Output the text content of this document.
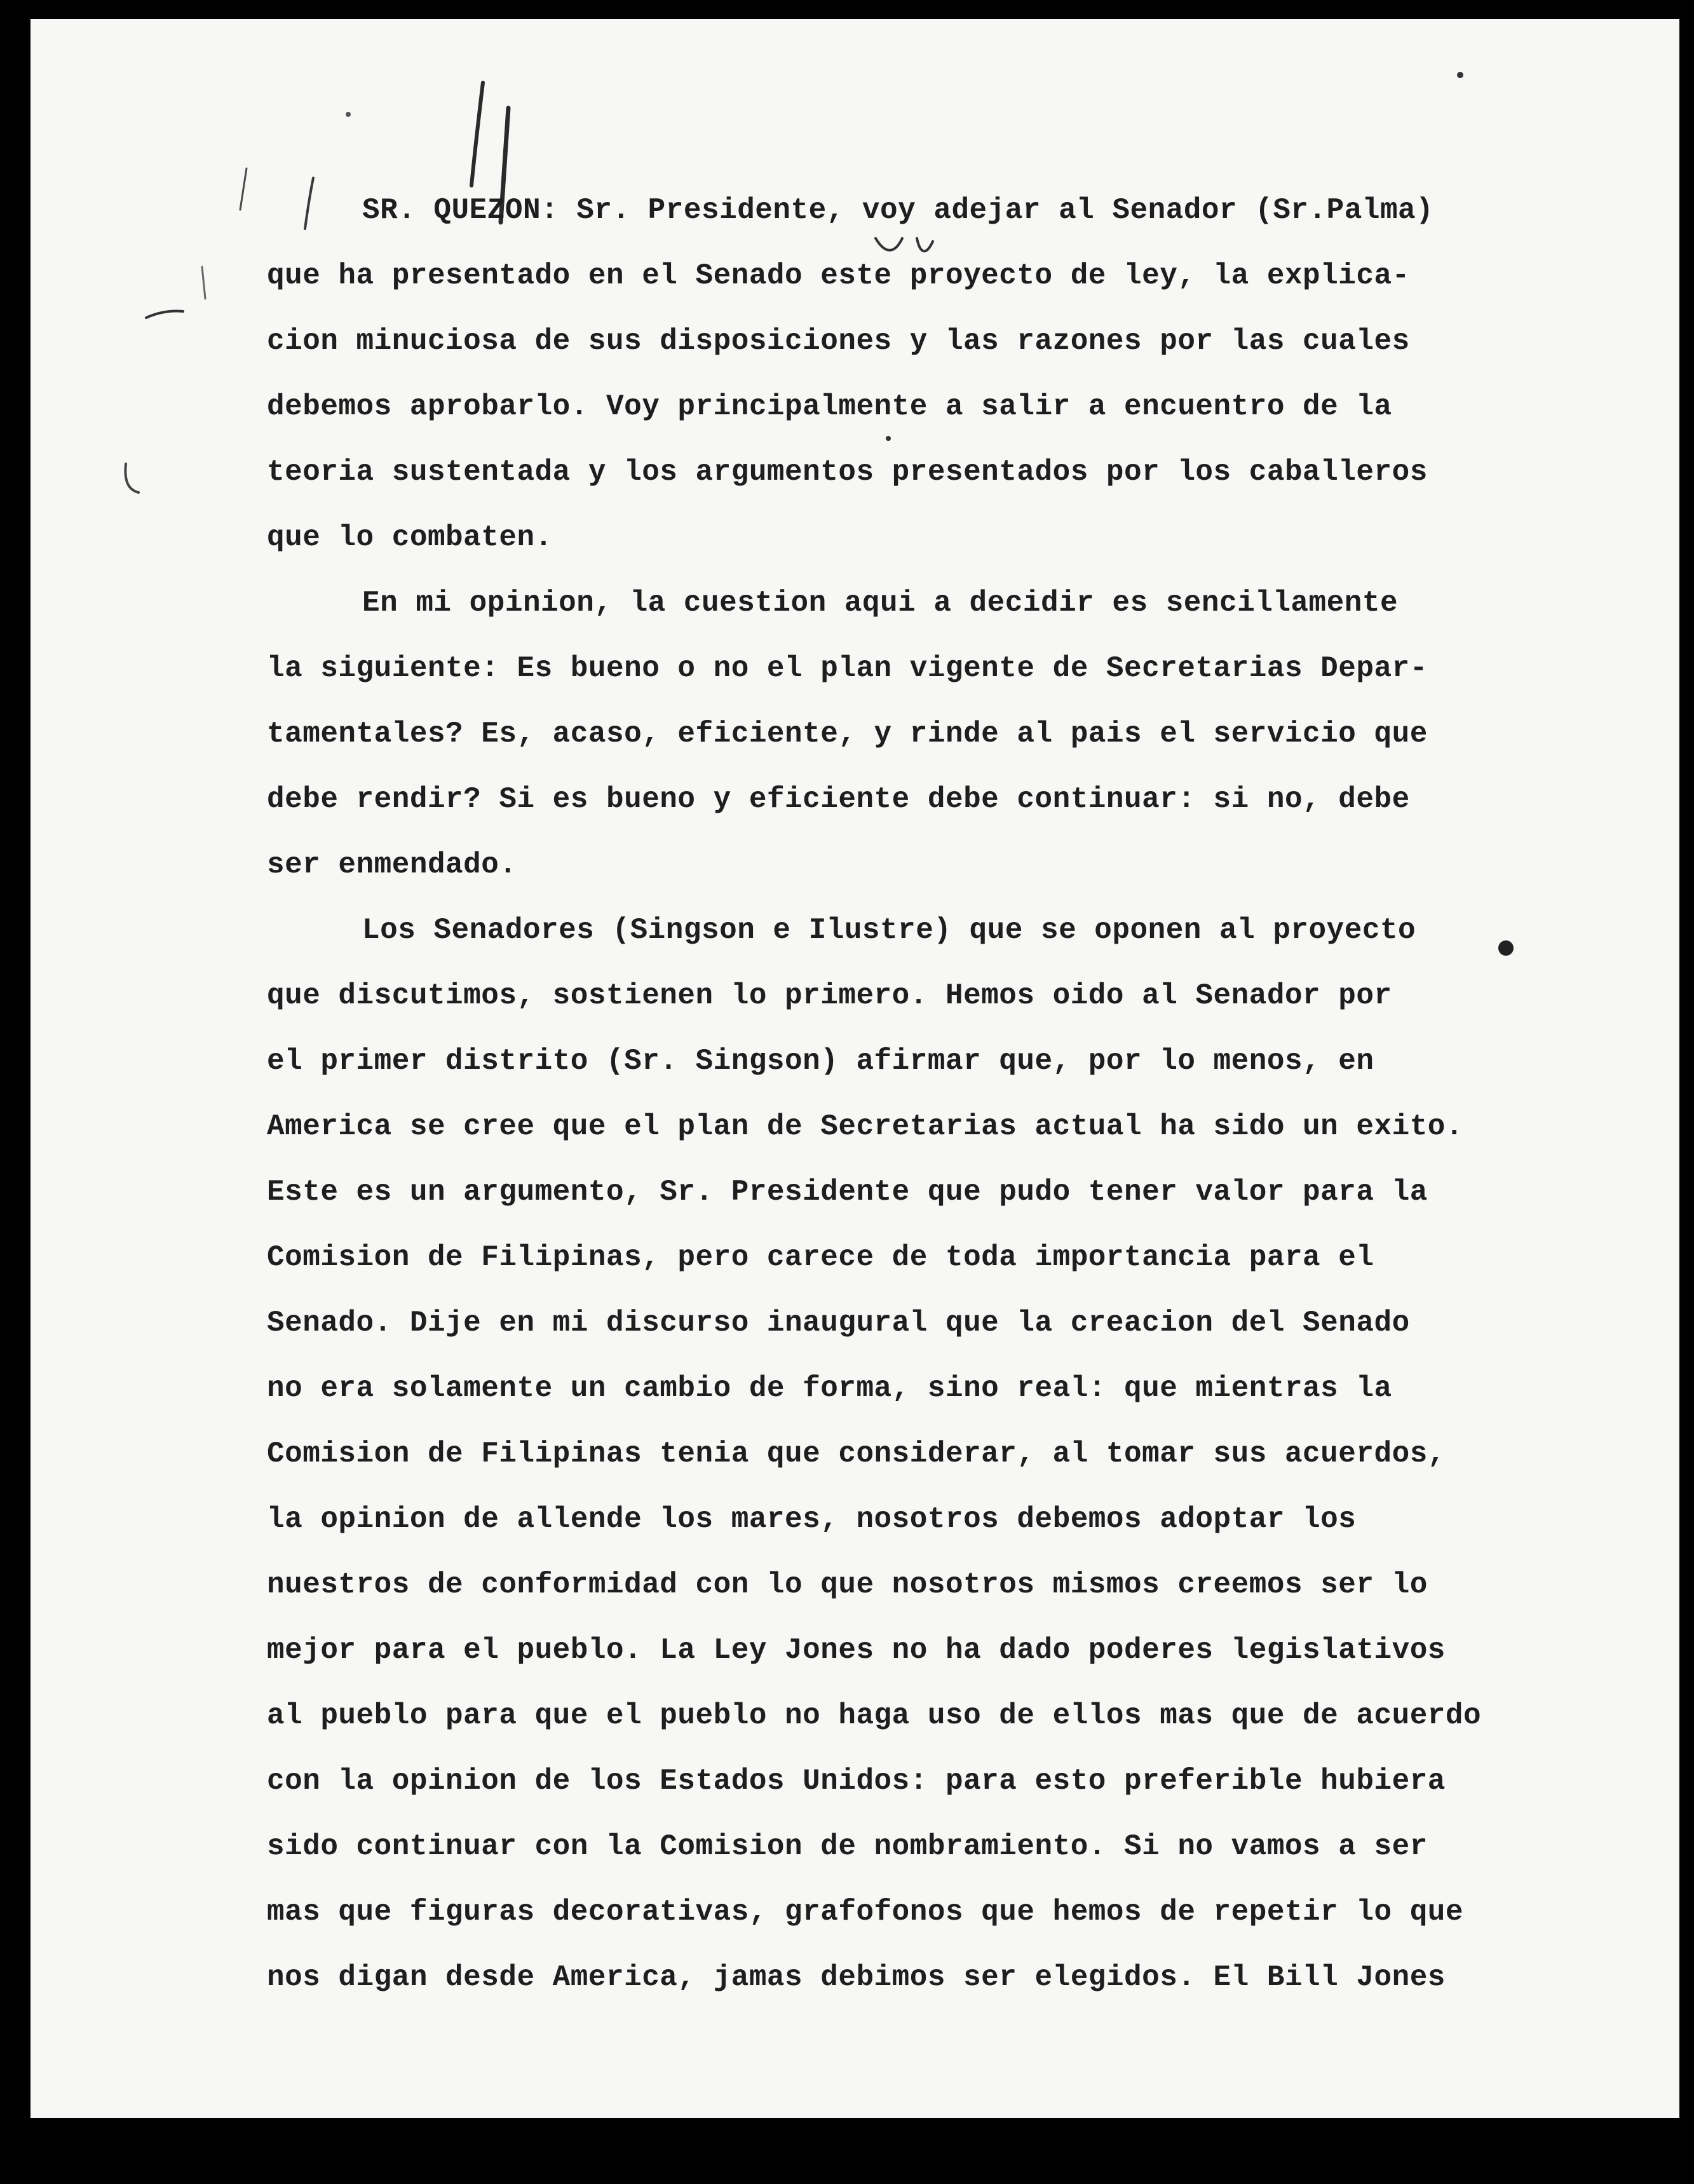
SR. QUEZON: Sr. Presidente, voy adejar al Senador (Sr.Palma)
que ha presentado en el Senado este proyecto de ley, la explica-
cion minuciosa de sus disposiciones y las razones por las cuales
debemos aprobarlo. Voy principalmente a salir a encuentro de la
teoria sustentada y los argumentos presentados por los caballeros
que lo combaten.
En mi opinion, la cuestion aqui a decidir es sencillamente
la siguiente: Es bueno o no el plan vigente de Secretarias Depar-
tamentales? Es, acaso, eficiente, y rinde al pais el servicio que
debe rendir? Si es bueno y eficiente debe continuar: si no, debe
ser enmendado.
Los Senadores (Singson e Ilustre) que se oponen al proyecto
que discutimos, sostienen lo primero. Hemos oido al Senador por
el primer distrito (Sr. Singson) afirmar que, por lo menos, en
America se cree que el plan de Secretarias actual ha sido un exito.
Este es un argumento, Sr. Presidente que pudo tener valor para la
Comision de Filipinas, pero carece de toda importancia para el
Senado. Dije en mi discurso inaugural que la creacion del Senado
no era solamente un cambio de forma, sino real: que mientras la
Comision de Filipinas tenia que considerar, al tomar sus acuerdos,
la opinion de allende los mares, nosotros debemos adoptar los
nuestros de conformidad con lo que nosotros mismos creemos ser lo
mejor para el pueblo. La Ley Jones no ha dado poderes legislativos
al pueblo para que el pueblo no haga uso de ellos mas que de acuerdo
con la opinion de los Estados Unidos: para esto preferible hubiera
sido continuar con la Comision de nombramiento. Si no vamos a ser
mas que figuras decorativas, grafofonos que hemos de repetir lo que
nos digan desde America, jamas debimos ser elegidos. El Bill Jones
